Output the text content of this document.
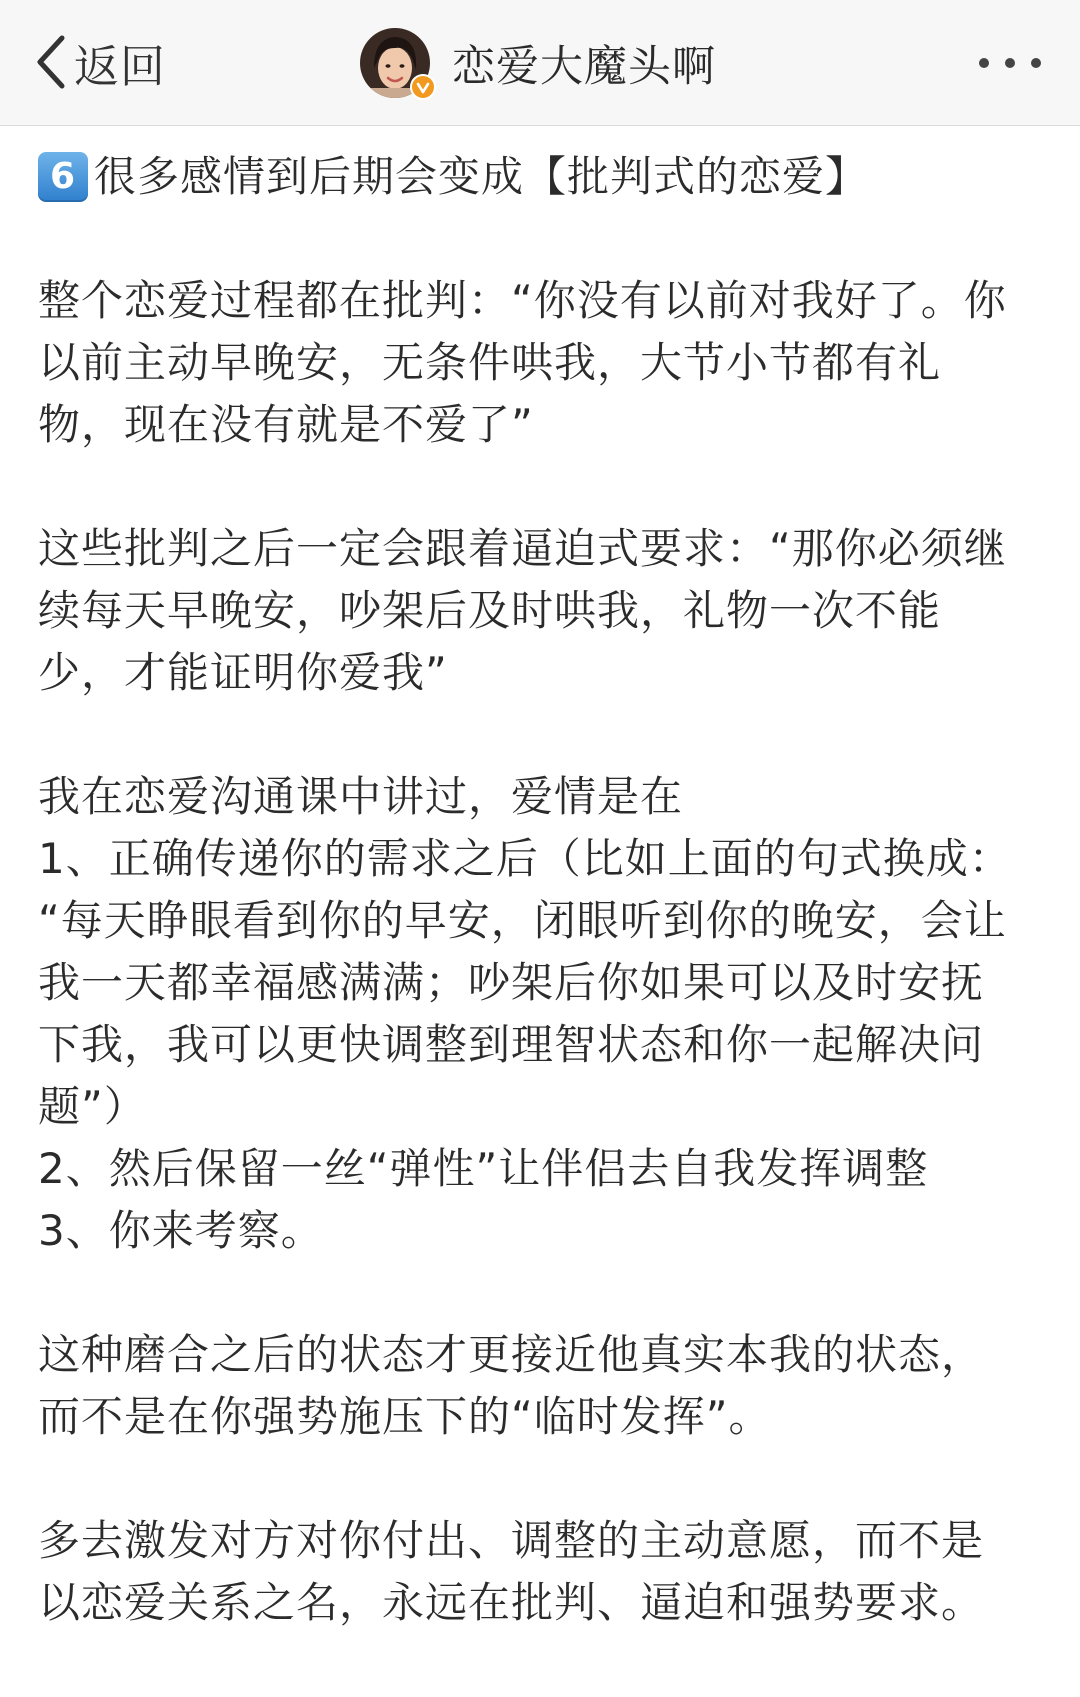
返回	恋爱大魔头啊
6 很多感情到后期会变成【批判式的恋爱】
整个恋爱过程都在批判：“你没有以前对我好了。你
以前主动早晚安，无条件哄我，大节小节都有礼
物，现在没有就是不爱了”
这些批判之后一定会跟着逼迫式要求：“那你必须继
续每天早晚安，吵架后及时哄我，礼物一次不能
少，才能证明你爱我”
我在恋爱沟通课中讲过，爱情是在
1、正确传递你的需求之后（比如上面的句式换成：
“每天睁眼看到你的早安，闭眼听到你的晚安，会让
我一天都幸福感满满；吵架后你如果可以及时安抚
下我，我可以更快调整到理智状态和你一起解决问
题”）
2、然后保留一丝“弹性”让伴侣去自我发挥调整
3、你来考察。
这种磨合之后的状态才更接近他真实本我的状态，
而不是在你强势施压下的“临时发挥”。
多去激发对方对你付出、调整的主动意愿，而不是
以恋爱关系之名，永远在批判、逼迫和强势要求。
